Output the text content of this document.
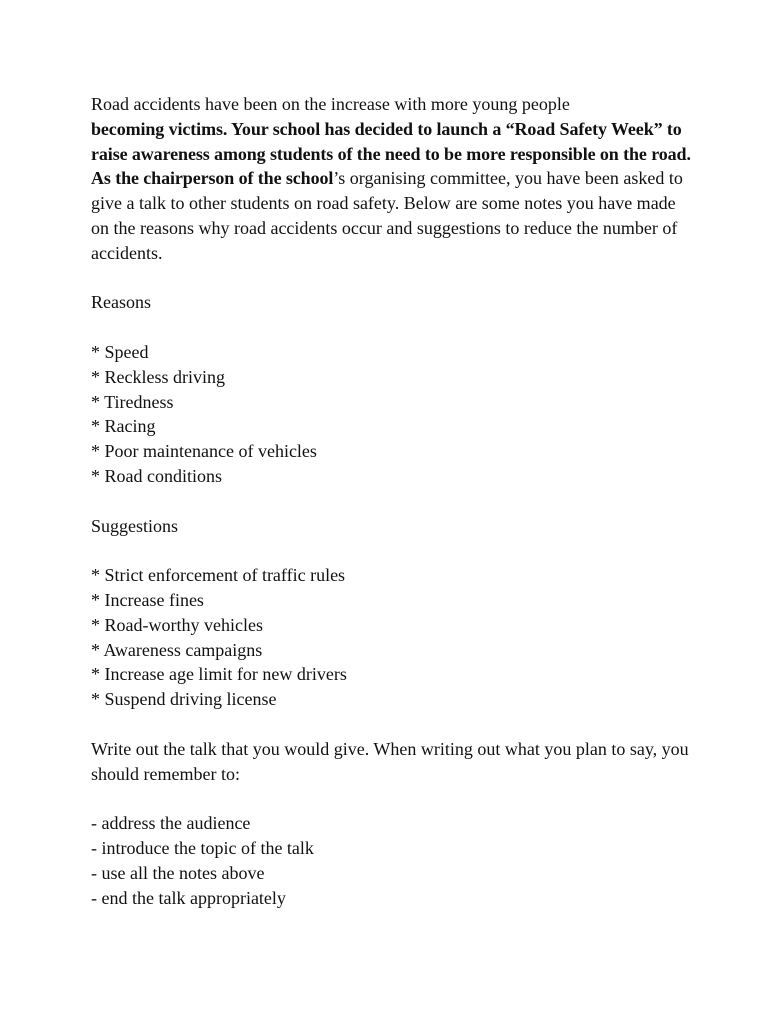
Road accidents have been on the increase with more young people
becoming victims. Your school has decided to launch a “Road Safety Week” to raise awareness among students of the need to be more responsible on the road. As the chairperson of the school’s organising committee, you have been asked to give a talk to other students on road safety. Below are some notes you have made on the reasons why road accidents occur and suggestions to reduce the number of accidents.

Reasons

* Speed
* Reckless driving
* Tiredness
* Racing
* Poor maintenance of vehicles
* Road conditions

Suggestions

* Strict enforcement of traffic rules
* Increase fines
* Road-worthy vehicles
* Awareness campaigns
* Increase age limit for new drivers
* Suspend driving license

Write out the talk that you would give. When writing out what you plan to say, you should remember to:

- address the audience
- introduce the topic of the talk
- use all the notes above
- end the talk appropriately
